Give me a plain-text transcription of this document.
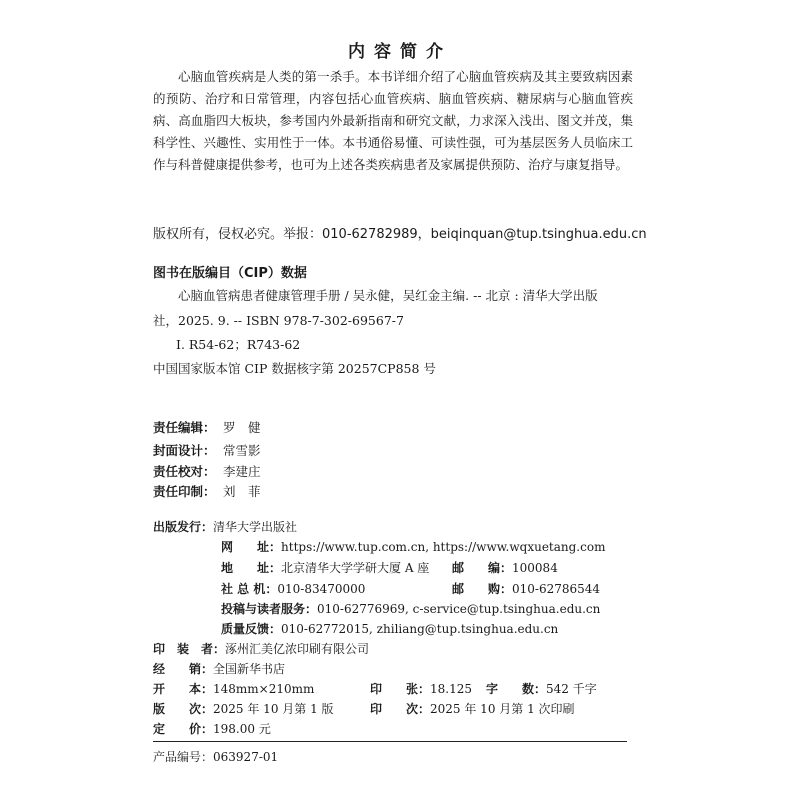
内容简介

心脑血管疾病是人类的第一杀手。本书详细介绍了心脑血管疾病及其主要致病因素的预防、治疗和日常管理，内容包括心血管疾病、脑血管疾病、糖尿病与心脑血管疾病、高血脂四大板块，参考国内外最新指南和研究文献，力求深入浅出、图文并茂，集科学性、兴趣性、实用性于一体。本书通俗易懂、可读性强，可为基层医务人员临床工作与科普健康提供参考，也可为上述各类疾病患者及家属提供预防、治疗与康复指导。

版权所有，侵权必究。举报：010-62782989，beiqinquan@tup.tsinghua.edu.cn
图书在版编目（CIP）数据
心脑血管病患者健康管理手册 / 吴永健，吴红金主编. -- 北京 : 清华大学出版
社，2025. 9. -- ISBN 978-7-302-69567-7
Ⅰ. R54-62；R743-62
中国国家版本馆 CIP 数据核字第 20257CP858 号
责任编辑： 罗　健
封面设计： 常雪影
责任校对： 李建庄
责任印制： 刘　菲
出版发行：清华大学出版社
网　　址：https://www.tup.com.cn, https://www.wqxuetang.com
地　　址：北京清华大学学研大厦 A 座 邮　　编：100084
社 总 机：010-83470000	邮　　购：010-62786544
投稿与读者服务：010-62776969, c-service@tup.tsinghua.edu.cn
质量反馈：010-62772015, zhiliang@tup.tsinghua.edu.cn
印　装　者：涿州汇美亿浓印刷有限公司
经　　销：全国新华书店
开　　本：148mm×210mm	印　　张：18.125 字　　数：542 千字
版　　次：2025 年 10 月第 1 版	印　　次：2025 年 10 月第 1 次印刷
定　　价：198.00 元
产品编号：063927-01
